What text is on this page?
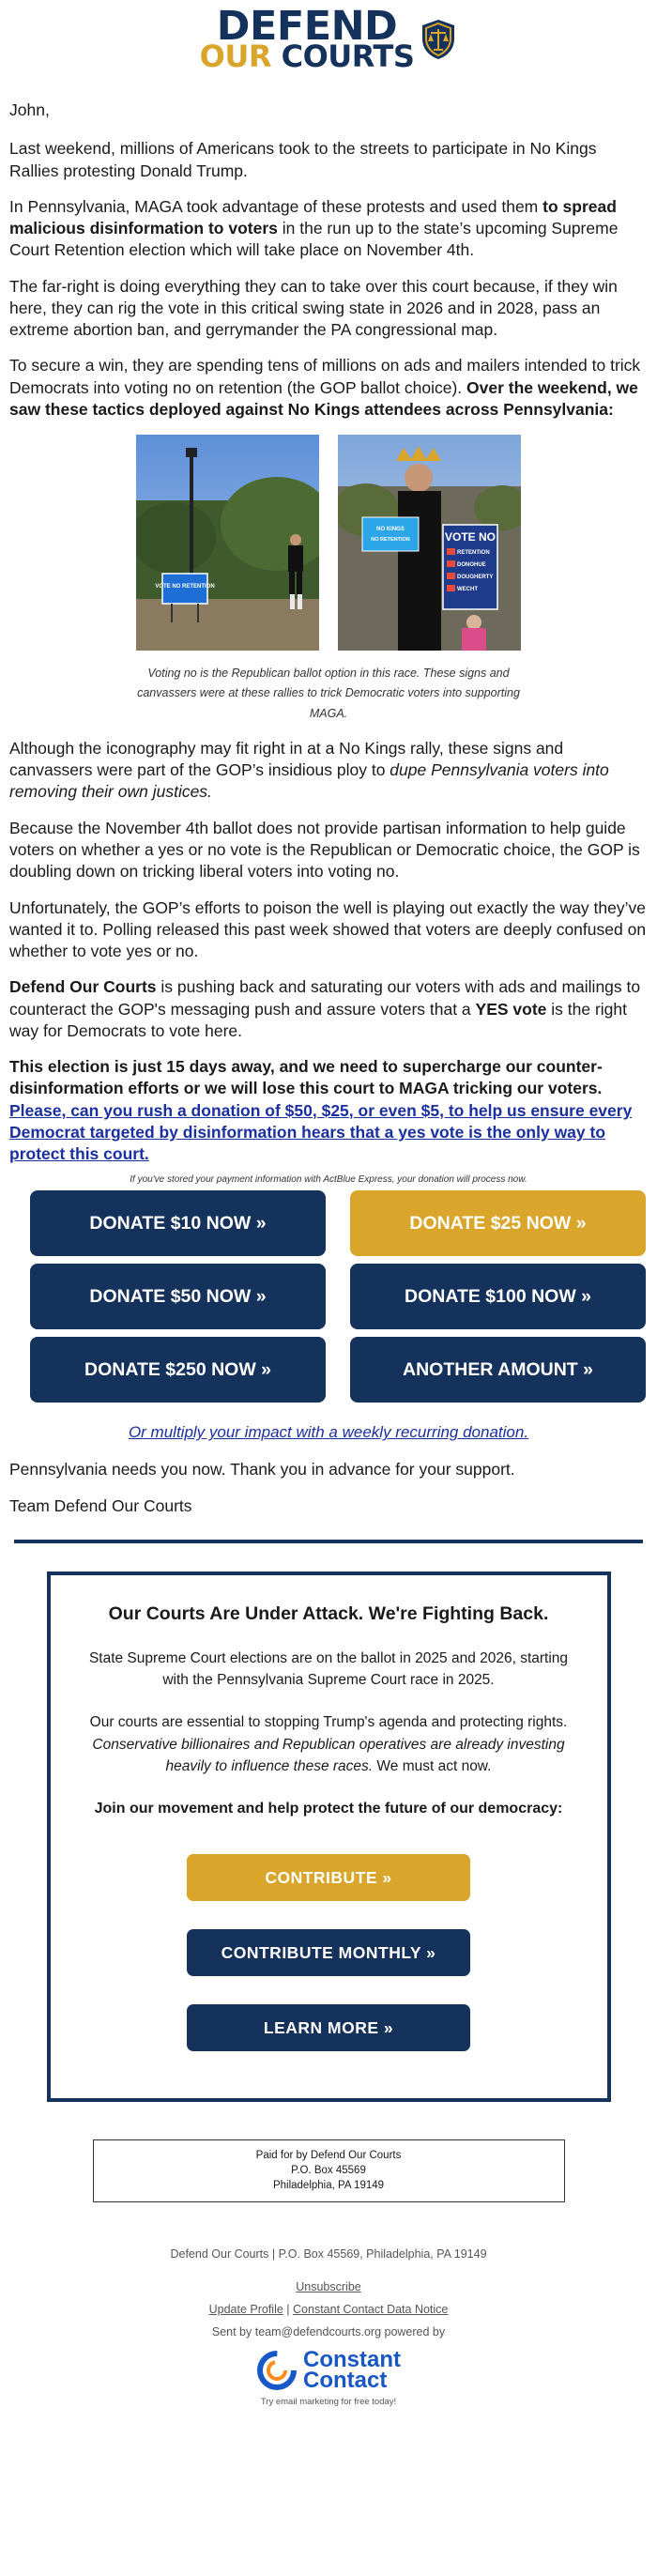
DEFEND
OUR COURTS

John,

Last weekend, millions of Americans took to the streets to participate in No Kings Rallies protesting Donald Trump.

In Pennsylvania, MAGA took advantage of these protests and used them to spread malicious disinformation to voters in the run up to the state’s upcoming Supreme Court Retention election which will take place on November 4th.

The far-right is doing everything they can to take over this court because, if they win here, they can rig the vote in this critical swing state in 2026 and in 2028, pass an extreme abortion ban, and gerrymander the PA congressional map.

To secure a win, they are spending tens of millions on ads and mailers intended to trick Democrats into voting no on retention (the GOP ballot choice). Over the weekend, we saw these tactics deployed against No Kings attendees across Pennsylvania:

VOTE NO RETENTION
NO KINGS
NO RETENTION	VOTE NO
RETENTION
DONOHUE
DOUGHERTY
WECHT

Voting no is the Republican ballot option in this race. These signs and canvassers were at these rallies to trick Democratic voters into supporting MAGA.

Although the iconography may fit right in at a No Kings rally, these signs and canvassers were part of the GOP’s insidious ploy to dupe Pennsylvania voters into removing their own justices.

Because the November 4th ballot does not provide partisan information to help guide voters on whether a yes or no vote is the Republican or Democratic choice, the GOP is doubling down on tricking liberal voters into voting no.

Unfortunately, the GOP’s efforts to poison the well is playing out exactly the way they’ve wanted it to. Polling released this past week showed that voters are deeply confused on whether to vote yes or no.

Defend Our Courts is pushing back and saturating our voters with ads and mailings to counteract the GOP's messaging push and assure voters that a YES vote is the right way for Democrats to vote here.

This election is just 15 days away, and we need to supercharge our counter-disinformation efforts or we will lose this court to MAGA tricking our voters.
Please, can you rush a donation of $50, $25, or even $5, to help us ensure every Democrat targeted by disinformation hears that a yes vote is the only way to protect this court.

If you've stored your payment information with ActBlue Express, your donation will process now.

DONATE $10 NOW »	DONATE $25 NOW »
DONATE $50 NOW »	DONATE $100 NOW »
DONATE $250 NOW »	ANOTHER AMOUNT »

Or multiply your impact with a weekly recurring donation.

Pennsylvania needs you now. Thank you in advance for your support.

Team Defend Our Courts

Our Courts Are Under Attack. We're Fighting Back.

State Supreme Court elections are on the ballot in 2025 and 2026, starting with the Pennsylvania Supreme Court race in 2025.

Our courts are essential to stopping Trump's agenda and protecting rights. Conservative billionaires and Republican operatives are already investing heavily to influence these races. We must act now.

Join our movement and help protect the future of our democracy:

CONTRIBUTE »
CONTRIBUTE MONTHLY »
LEARN MORE »
Paid for by Defend Our Courts
P.O. Box 45569
Philadelphia, PA 19149
Defend Our Courts | P.O. Box 45569, Philadelphia, PA 19149
Unsubscribe
Update Profile | Constant Contact Data Notice
Sent by team@defendcourts.org powered by
Constant
Contact
Try email marketing for free today!
